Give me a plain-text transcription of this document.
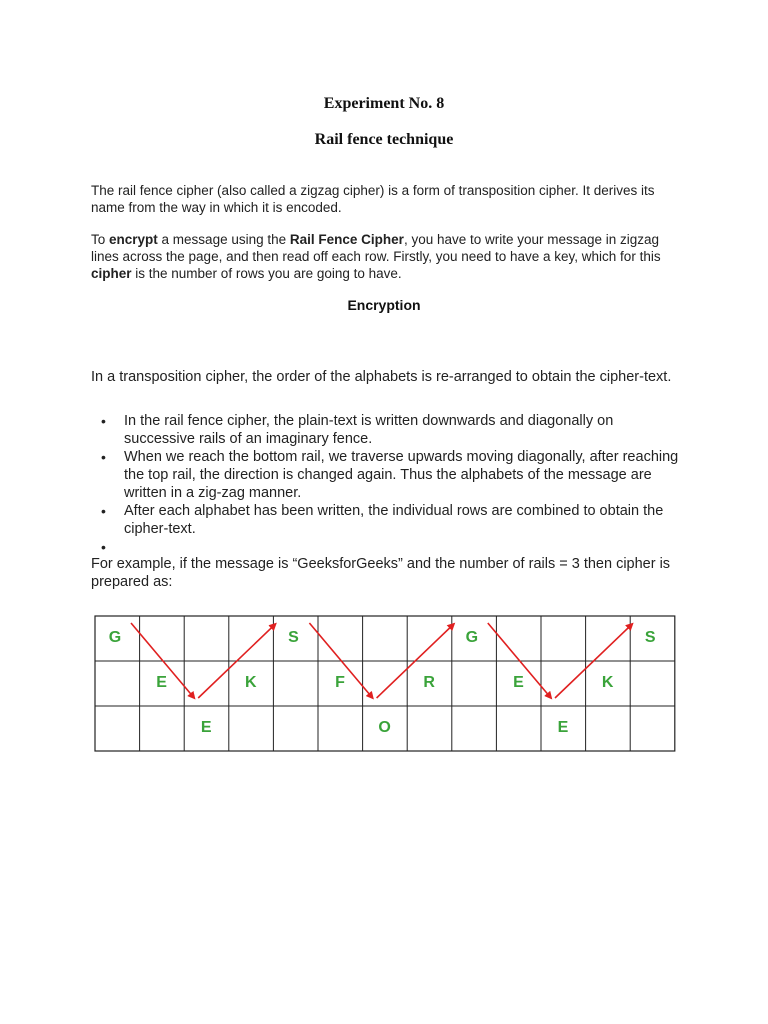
Experiment No. 8
Rail fence technique
The rail fence cipher (also called a zigzag cipher) is a form of transposition cipher. It derives its name from the way in which it is encoded.
To encrypt a message using the Rail Fence Cipher, you have to write your message in zigzag lines across the page, and then read off each row. Firstly, you need to have a key, which for this cipher is the number of rows you are going to have.
Encryption
In a transposition cipher, the order of the alphabets is re-arranged to obtain the cipher-text.
• In the rail fence cipher, the plain-text is written downwards and diagonally on successive rails of an imaginary fence.
• When we reach the bottom rail, we traverse upwards moving diagonally, after reaching the top rail, the direction is changed again. Thus the alphabets of the message are written in a zig-zag manner.
• After each alphabet has been written, the individual rows are combined to obtain the cipher-text.
•
For example, if the message is “GeeksforGeeks” and the number of rails = 3 then cipher is prepared as:
G
E
E
K
S
F
O
R
G
E
E
K
S
